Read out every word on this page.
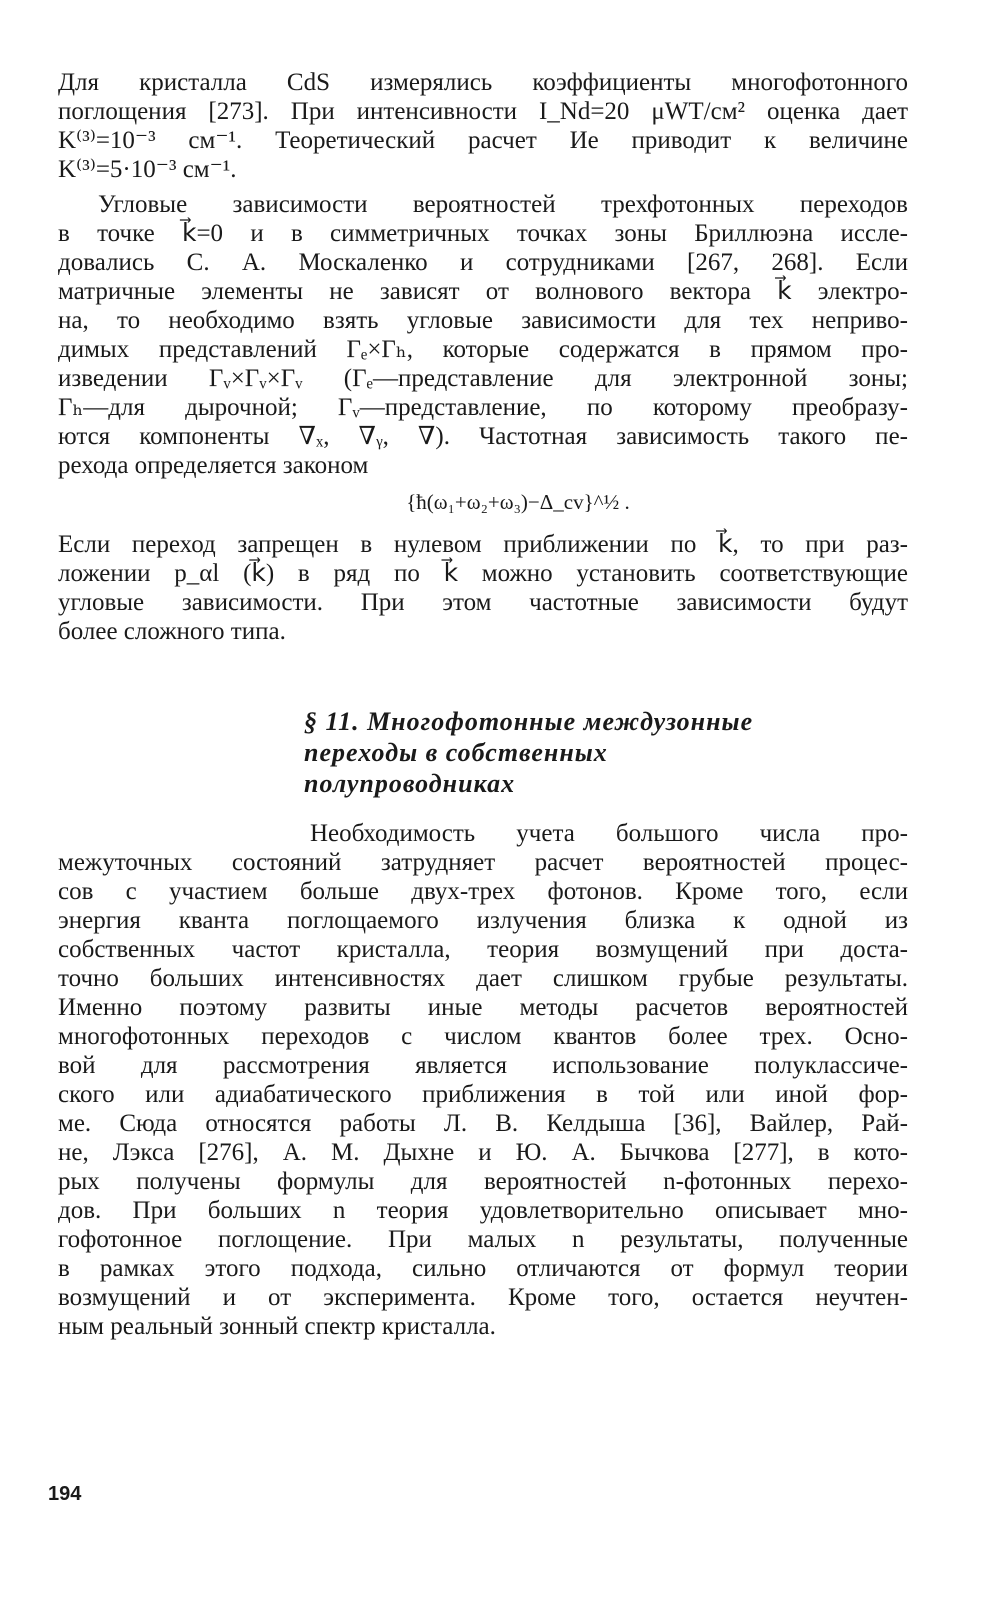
Для кристалла CdS измерялись коэффициенты многофотонного
поглощения [273]. При интенсивности I_Nd=20 μWT/см² оценка дает
K⁽³⁾=10⁻³ см⁻¹. Теоретический расчет Ие приводит к величине
K⁽³⁾=5·10⁻³ см⁻¹.
Угловые зависимости вероятностей трехфотонных переходов
в точке k⃗=0 и в симметричных точках зоны Бриллюэна иссле-
довались С. А. Москаленко и сотрудниками [267, 268]. Если
матричные элементы не зависят от волнового вектора k⃗ электро-
на, то необходимо взять угловые зависимости для тех неприво-
димых представлений Γₑ×Γₕ, которые содержатся в прямом про-
изведении Γᵥ×Γᵥ×Γᵥ (Γₑ—представление для электронной зоны;
Γₕ—для дырочной; Γᵥ—представление, по которому преобразу-
ются компоненты ∇ₓ, ∇ᵧ, ∇). Частотная зависимость такого пе-
рехода определяется законом
{ħ(ω₁+ω₂+ω₃)−Δ_cv}^½ .
Если переход запрещен в нулевом приближении по k⃗, то при раз-
ложении p_αl (k⃗) в ряд по k⃗ можно установить соответствующие
угловые зависимости. При этом частотные зависимости будут
более сложного типа.
§ 11. Многофотонные междузонные
переходы в собственных
полупроводниках
Необходимость учета большого числа про-
межуточных состояний затрудняет расчет вероятностей процес-
сов с участием больше двух-трех фотонов. Кроме того, если
энергия кванта поглощаемого излучения близка к одной из
собственных частот кристалла, теория возмущений при доста-
точно больших интенсивностях дает слишком грубые результаты.
Именно поэтому развиты иные методы расчетов вероятностей
многофотонных переходов с числом квантов более трех. Осно-
вой для рассмотрения является использование полуклассиче-
ского или адиабатического приближения в той или иной фор-
ме. Сюда относятся работы Л. В. Келдыша [36], Вайлер, Рай-
не, Лэкса [276], А. М. Дыхне и Ю. А. Бычкова [277], в кото-
рых получены формулы для вероятностей n-фотонных перехо-
дов. При больших n теория удовлетворительно описывает мно-
гофотонное поглощение. При малых n результаты, полученные
в рамках этого подхода, сильно отличаются от формул теории
возмущений и от эксперимента. Кроме того, остается неучтен-
ным реальный зонный спектр кристалла.
194
